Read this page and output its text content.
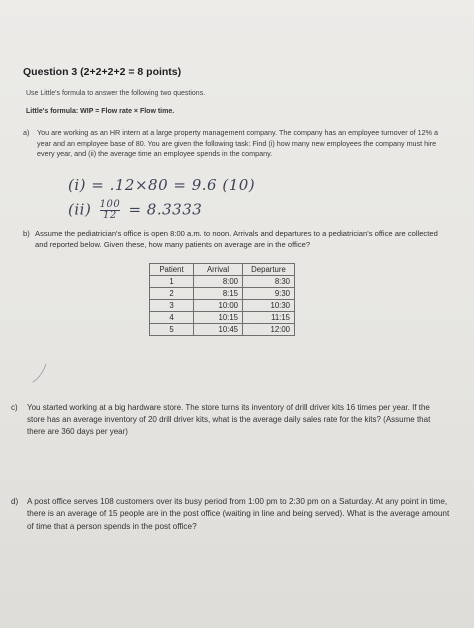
Question 3 (2+2+2+2 = 8 points)
Use Little's formula to answer the following two questions.
Little's formula: WIP = Flow rate × Flow time.
a) You are working as an HR intern at a large property management company. The company has an employee turnover of 12% a year and an employee base of 80. You are given the following task: Find (i) how many new employees the company must hire every year, and (ii) the average time an employee spends in the company.
(i) = .12×80 = 9.6 (10)
$(ii) \frac{100}{12} = 8.3333$
b) Assume the pediatrician's office is open 8:00 a.m. to noon. Arrivals and departures to a pediatrician's office are collected and reported below. Given these, how many patients on average are in the office?
Patient	Arrival	Departure
1	8:00	8:30
2	8:15	9:30
3	10:00	10:30
4	10:15	11:15
5	10:45	12:00
c) You started working at a big hardware store. The store turns its inventory of drill driver kits 16 times per year. If the store has an average inventory of 20 drill driver kits, what is the average daily sales rate for the kits? (Assume that there are 360 days per year)
d) A post office serves 108 customers over its busy period from 1:00 pm to 2:30 pm on a Saturday. At any point in time, there is an average of 15 people are in the post office (waiting in line and being served). What is the average amount of time that a person spends in the post office?
